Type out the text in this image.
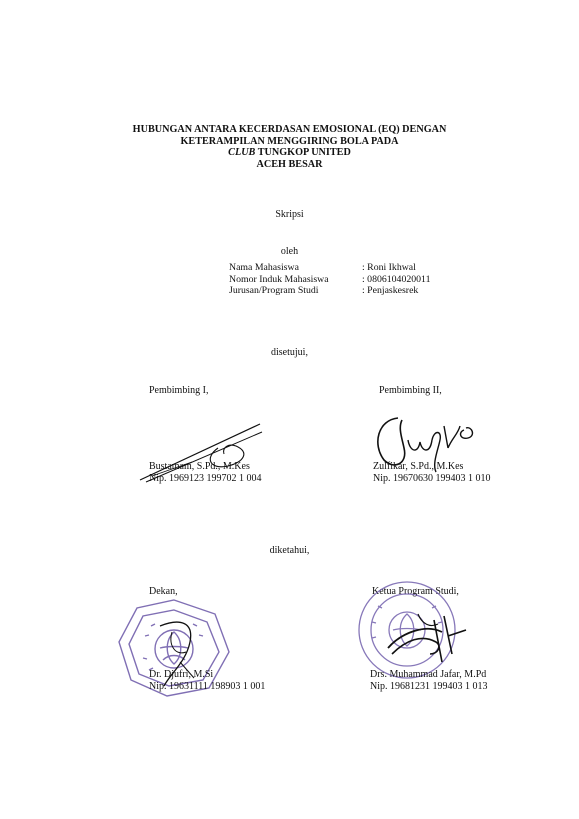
HUBUNGAN ANTARA KECERDASAN EMOSIONAL (EQ) DENGAN
KETERAMPILAN MENGGIRING BOLA PADA
CLUB TUNGKOP UNITED
ACEH BESAR
Skripsi
oleh
Nama Mahasiswa	: Roni Ikhwal
Nomor Induk Mahasiswa	: 0806104020011
Jurusan/Program Studi	: Penjaskesrek
disetujui,
Pembimbing I,	Pembimbing II,
Bustamam, S.Pd., M.Kes
Nip. 1969123 199702 1 004
Zulfikar, S.Pd., M.Kes
Nip. 19670630 199403 1 010
diketahui,
Dekan,	Ketua Program Studi,
Dr. Djufri, M.Si
Nip. 19631111 198903 1 001
Drs. Muhammad Jafar, M.Pd
Nip. 19681231 199403 1 013
